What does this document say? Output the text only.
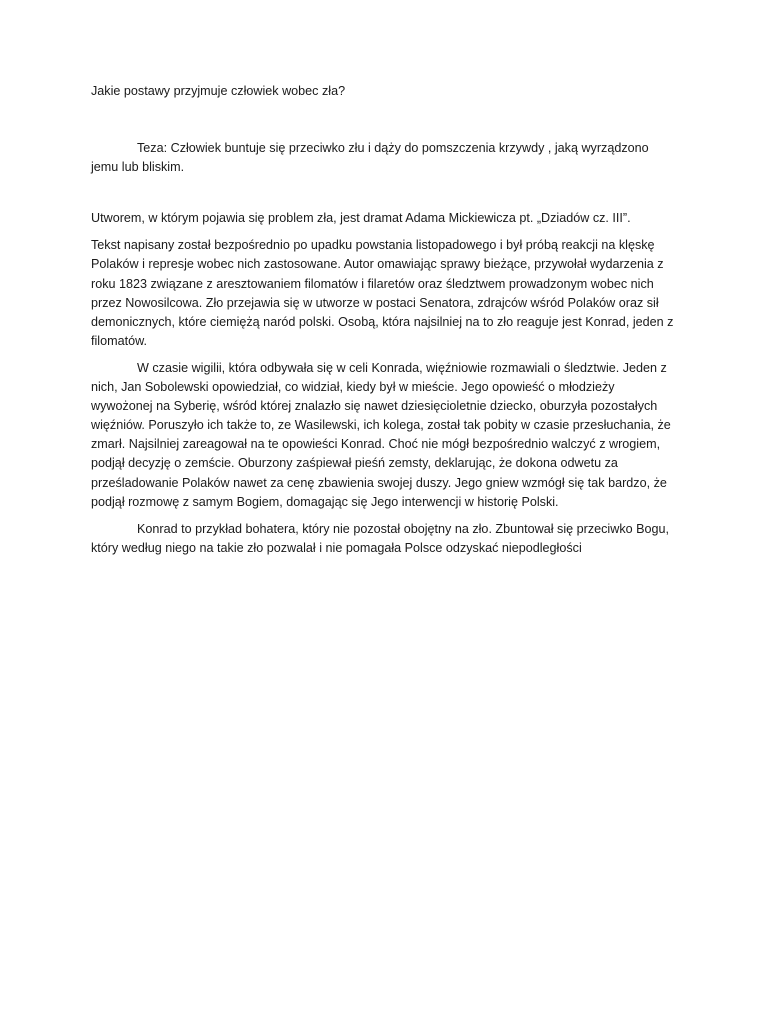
Jakie postawy przyjmuje człowiek wobec zła?

Teza: Człowiek buntuje się przeciwko złu i dąży do pomszczenia krzywdy , jaką wyrządzono jemu lub bliskim.

Utworem, w którym pojawia się problem zła, jest dramat Adama Mickiewicza pt. „Dziadów cz. III”.

Tekst napisany został bezpośrednio po upadku powstania listopadowego i był próbą reakcji na klęskę Polaków i represje wobec nich zastosowane. Autor omawiając sprawy bieżące, przywołał wydarzenia z roku 1823 związane z aresztowaniem filomatów i filaretów oraz śledztwem prowadzonym wobec nich przez Nowosilcowa. Zło przejawia się w utworze w postaci Senatora, zdrajców wśród Polaków oraz sił demonicznych, które ciemiężą naród polski. Osobą, która najsilniej na to zło reaguje jest Konrad, jeden z filomatów.

W czasie wigilii, która odbywała się w celi Konrada, więźniowie rozmawiali o śledztwie. Jeden z nich, Jan Sobolewski opowiedział, co widział, kiedy był w mieście. Jego opowieść o młodzieży wywożonej na Syberię, wśród której znalazło się nawet dziesięcioletnie dziecko, oburzyła pozostałych więźniów. Poruszyło ich także to, ze Wasilewski, ich kolega, został tak pobity w czasie przesłuchania, że zmarł. Najsilniej zareagował na te opowieści Konrad. Choć nie mógł bezpośrednio walczyć z wrogiem, podjął decyzję o zemście. Oburzony zaśpiewał pieśń zemsty, deklarując, że dokona odwetu za prześladowanie Polaków nawet za cenę zbawienia swojej duszy. Jego gniew wzmógł się tak bardzo, że podjął rozmowę z samym Bogiem, domagając się Jego interwencji w historię Polski.

Konrad to przykład bohatera, który nie pozostał obojętny na zło. Zbuntował się przeciwko Bogu, który według niego na takie zło pozwalał i nie pomagała Polsce odzyskać niepodległości
